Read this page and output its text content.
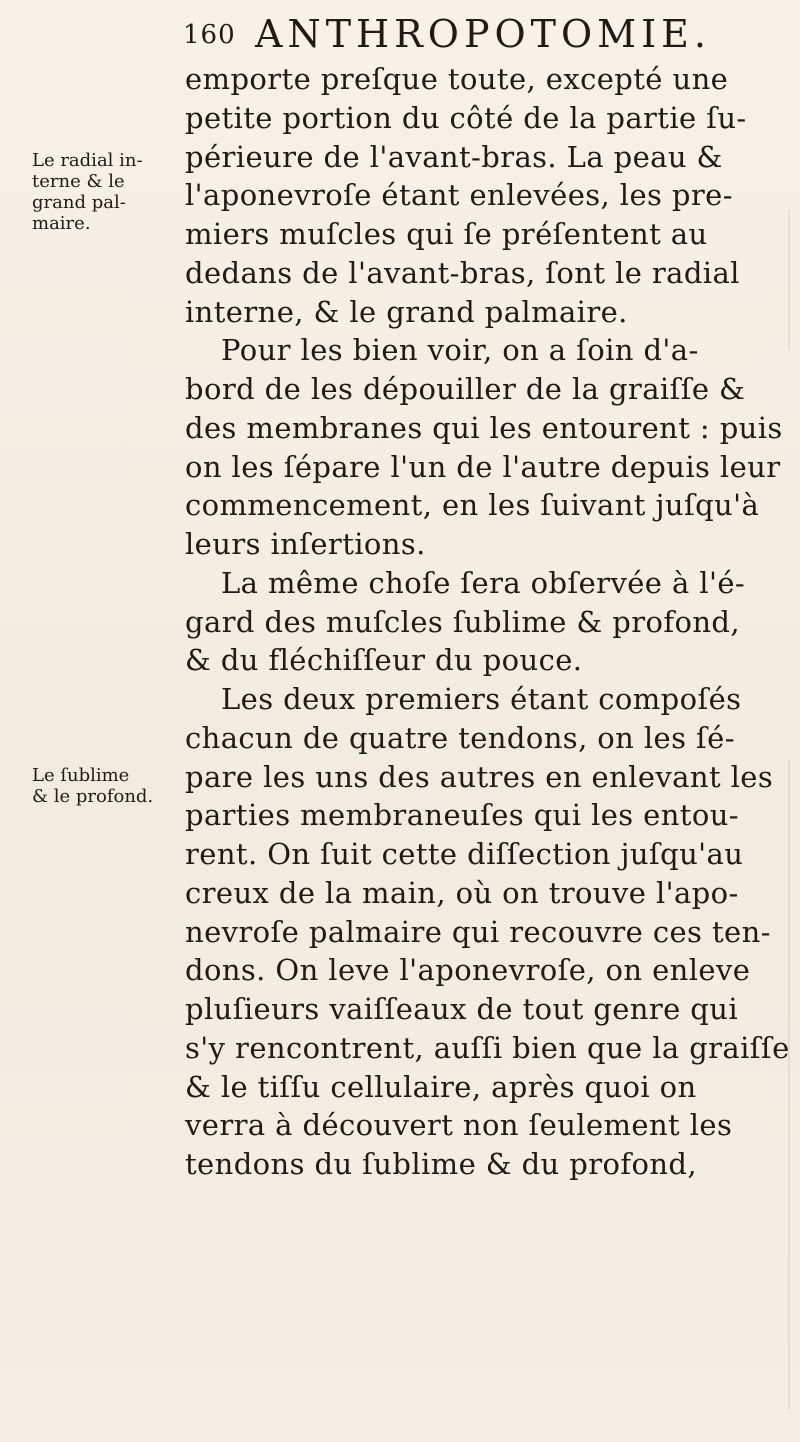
160 ANTHROPOTOMIE.
Le radial in-
terne & le
grand pal-
maire.
Le ſublime
& le profond.
emporte preſque toute, excepté une
petite portion du côté de la partie ſu-
périeure de l'avant-bras. La peau &
l'aponevroſe étant enlevées, les pre-
miers muſcles qui ſe préſentent au
dedans de l'avant-bras, ſont le radial
interne, & le grand palmaire.
Pour les bien voir, on a ſoin d'a-
bord de les dépouiller de la graiſſe &
des membranes qui les entourent : puis
on les ſépare l'un de l'autre depuis leur
commencement, en les ſuivant juſqu'à
leurs inſertions.
La même choſe ſera obſervée à l'é-
gard des muſcles ſublime & profond,
& du fléchiſſeur du pouce.
Les deux premiers étant compoſés
chacun de quatre tendons, on les ſé-
pare les uns des autres en enlevant les
parties membraneuſes qui les entou-
rent. On ſuit cette diſſection juſqu'au
creux de la main, où on trouve l'apo-
nevroſe palmaire qui recouvre ces ten-
dons. On leve l'aponevroſe, on enleve
pluſieurs vaiſſeaux de tout genre qui
s'y rencontrent, auſſi bien que la graiſſe
& le tiſſu cellulaire, après quoi on
verra à découvert non ſeulement les
tendons du ſublime & du profond,
